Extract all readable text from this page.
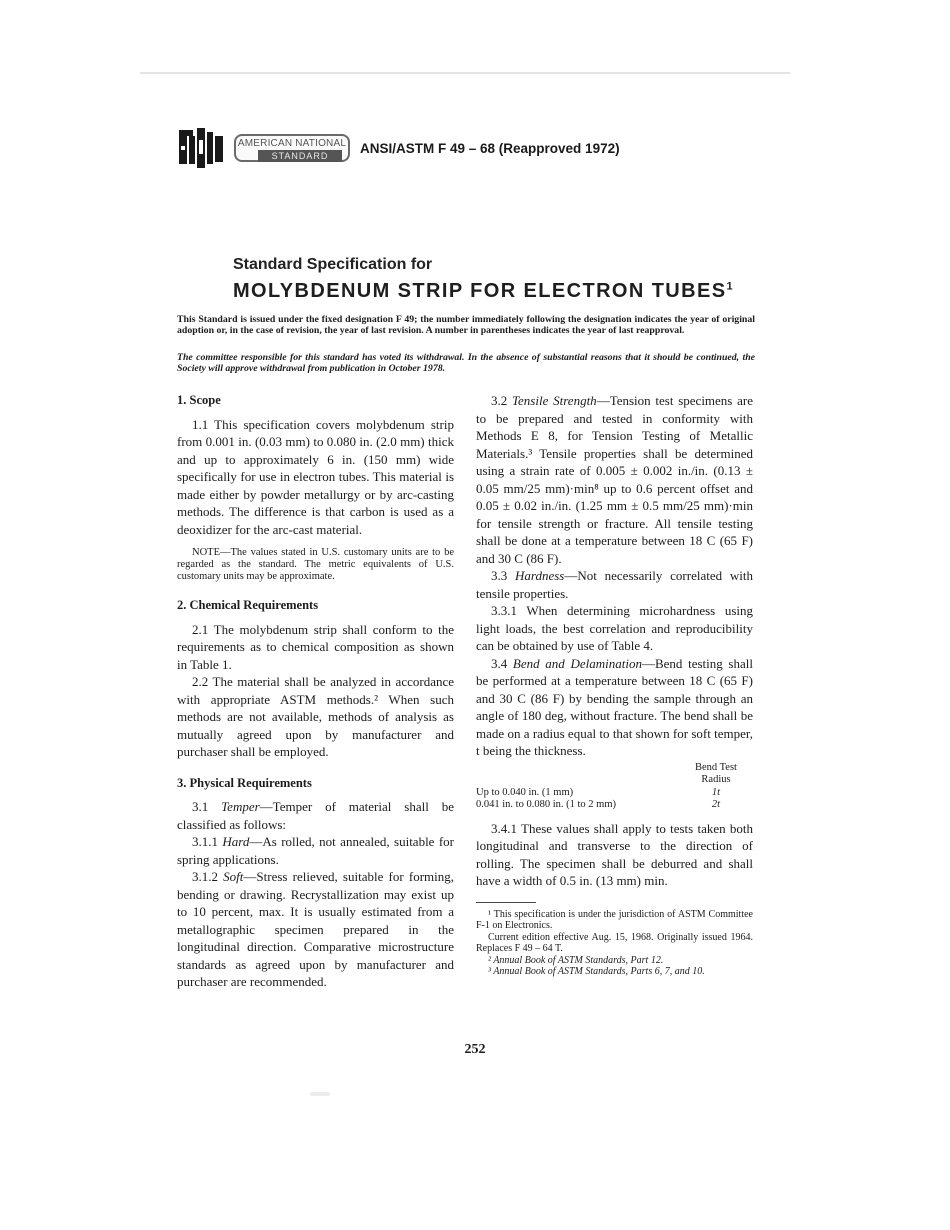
AMERICAN NATIONAL
STANDARD
ANSI/ASTM F 49 – 68 (Reapproved 1972)
Standard Specification for
MOLYBDENUM STRIP FOR ELECTRON TUBES$^1$
This Standard is issued under the fixed designation F 49; the number immediately following the designation indicates the year of original adoption or, in the case of revision, the year of last revision. A number in parentheses indicates the year of last reapproval.
The committee responsible for this standard has voted its withdrawal. In the absence of substantial reasons that it should be continued, the Society will approve withdrawal from publication in October 1978.
1. Scope

1.1 This specification covers molybdenum strip from 0.001 in. (0.03 mm) to 0.080 in. (2.0 mm) thick and up to approximately 6 in. (150 mm) wide specifically for use in electron tubes. This material is made either by powder metallurgy or by arc-casting methods. The difference is that carbon is used as a deoxidizer for the arc-cast material.

NOTE—The values stated in U.S. customary units are to be regarded as the standard. The metric equivalents of U.S. customary units may be approximate.
2. Chemical Requirements

2.1 The molybdenum strip shall conform to the requirements as to chemical composition as shown in Table 1.

2.2 The material shall be analyzed in accordance with appropriate ASTM methods.² When such methods are not available, methods of analysis as mutually agreed upon by manufacturer and purchaser shall be employed.

3. Physical Requirements

3.1 Temper—Temper of material shall be classified as follows:

3.1.1 Hard—As rolled, not annealed, suitable for spring applications.

3.1.2 Soft—Stress relieved, suitable for forming, bending or drawing. Recrystallization may exist up to 10 percent, max. It is usually estimated from a metallographic specimen prepared in the longitudinal direction. Comparative microstructure standards as agreed upon by manufacturer and purchaser are recommended.

3.2 Tensile Strength—Tension test specimens are to be prepared and tested in conformity with Methods E 8, for Tension Testing of Metallic Materials.³ Tensile properties shall be determined using a strain rate of 0.005 ± 0.002 in./in. (0.13 ± 0.05 mm/25 mm)·min⁸ up to 0.6 percent offset and 0.05 ± 0.02 in./in. (1.25 mm ± 0.5 mm/25 mm)·min for tensile strength or fracture. All tensile testing shall be done at a temperature between 18 C (65 F) and 30 C (86 F).

3.3 Hardness—Not necessarily correlated with tensile properties.

3.3.1 When determining microhardness using light loads, the best correlation and reproducibility can be obtained by use of Table 4.

3.4 Bend and Delamination—Bend testing shall be performed at a temperature between 18 C (65 F) and 30 C (86 F) by bending the sample through an angle of 180 deg, without fracture. The bend shall be made on a radius equal to that shown for soft temper, t being the thickness.

Bend Test Radius
Up to 0.040 in. (1 mm)	1t
0.041 in. to 0.080 in. (1 to 2 mm)	2t

3.4.1 These values shall apply to tests taken both longitudinal and transverse to the direction of rolling. The specimen shall be deburred and shall have a width of 0.5 in. (13 mm) min.

¹ This specification is under the jurisdiction of ASTM Committee F-1 on Electronics.
Current edition effective Aug. 15, 1968. Originally issued 1964. Replaces F 49 – 64 T.
² Annual Book of ASTM Standards, Part 12.
³ Annual Book of ASTM Standards, Parts 6, 7, and 10.
252
